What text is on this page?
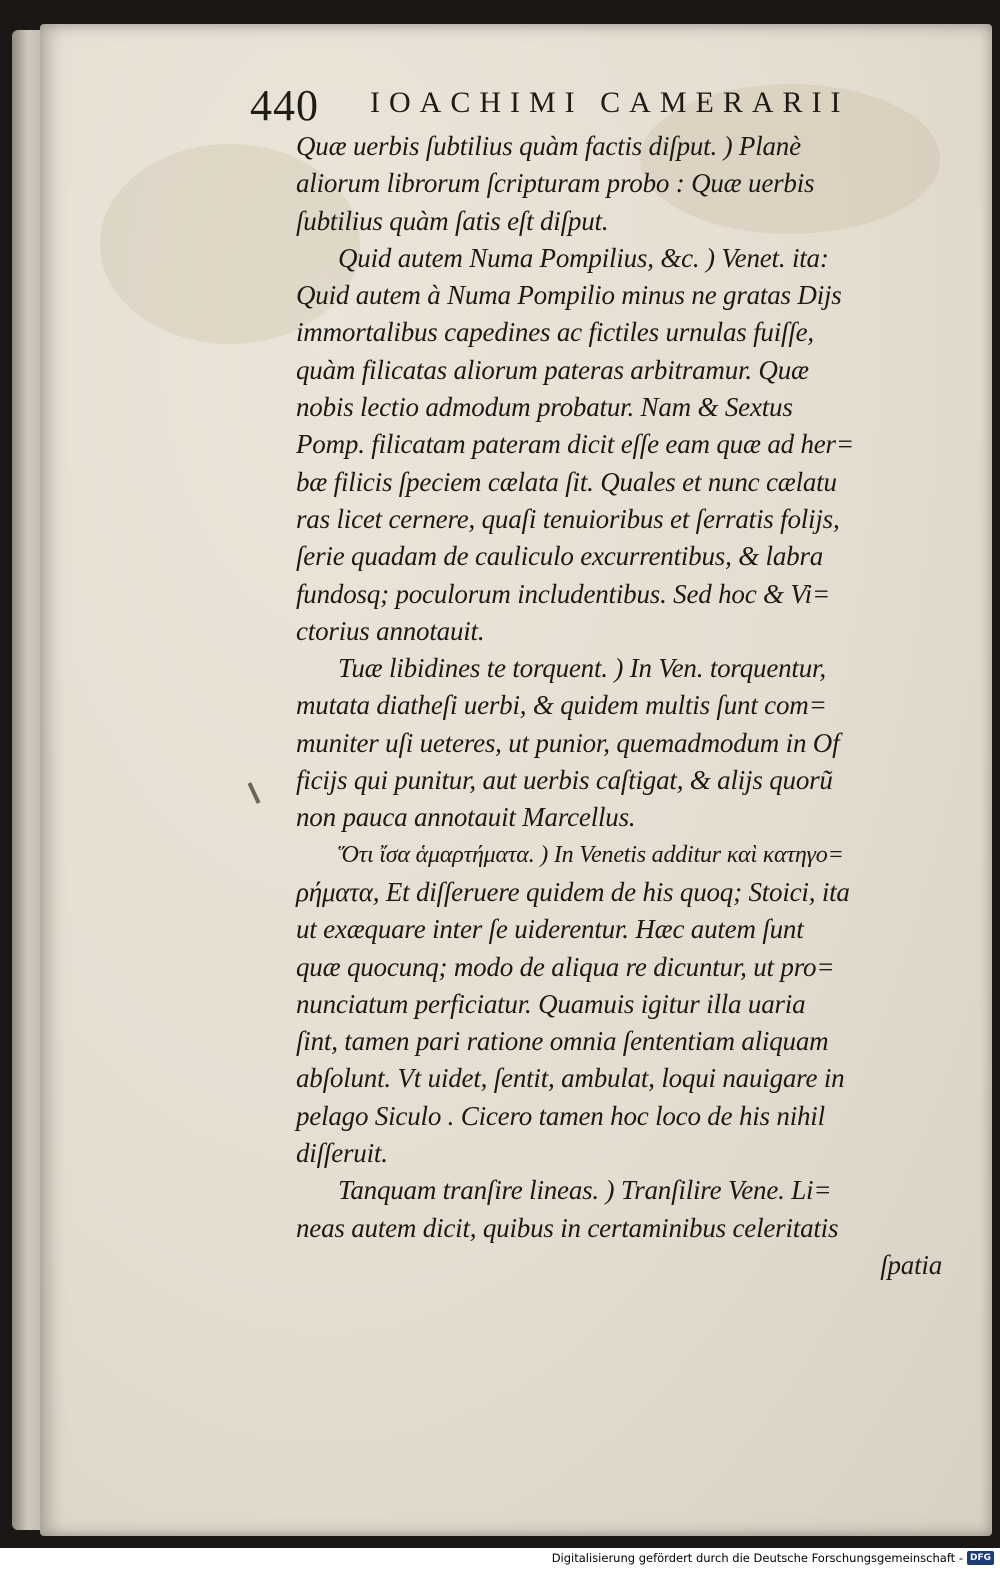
440 IOACHIMI CAMERARII
Quæ uerbis ſubtilius quàm factis diſput. ) Planè
aliorum librorum ſcripturam probo : Quæ uerbis
ſubtilius quàm ſatis eſt diſput.
Quid autem Numa Pompilius, &c. ) Venet. ita:
Quid autem à Numa Pompilio minus ne gratas Dijs
immortalibus capedines ac fictiles urnulas fuiſſe,
quàm filicatas aliorum pateras arbitramur. Quæ
nobis lectio admodum probatur. Nam & Sextus
Pomp. filicatam pateram dicit eſſe eam quæ ad her=
bæ filicis ſpeciem cælata ſit. Quales et nunc cælatu
ras licet cernere, quaſi tenuioribus et ſerratis folijs,
ſerie quadam de cauliculo excurrentibus, & labra
fundosq; poculorum includentibus. Sed hoc & Vi=
ctorius annotauit.
Tuæ libidines te torquent. ) In Ven. torquentur,
mutata diatheſi uerbi, & quidem multis ſunt com=
muniter uſi ueteres, ut punior, quemadmodum in Of
ficijs qui punitur, aut uerbis caſtigat, & alijs quorũ
non pauca annotauit Marcellus.
Ὅτι ἴσα ἁμαρτήματα. ) In Venetis additur καὶ κατηγο=
ρήματα, Et diſſeruere quidem de his quoq; Stoici, ita
ut exæquare inter ſe uiderentur. Hæc autem ſunt
quæ quocunq; modo de aliqua re dicuntur, ut pro=
nunciatum perficiatur. Quamuis igitur illa uaria
ſint, tamen pari ratione omnia ſententiam aliquam
abſolunt. Vt uidet, ſentit, ambulat, loqui nauigare in
pelago Siculo . Cicero tamen hoc loco de his nihil
diſſeruit.
Tanquam tranſire lineas. ) Tranſilire Vene. Li=
neas autem dicit, quibus in certaminibus celeritatis
ſpatia
Digitalisierung gefördert durch die Deutsche Forschungsgemeinschaft - DFG
